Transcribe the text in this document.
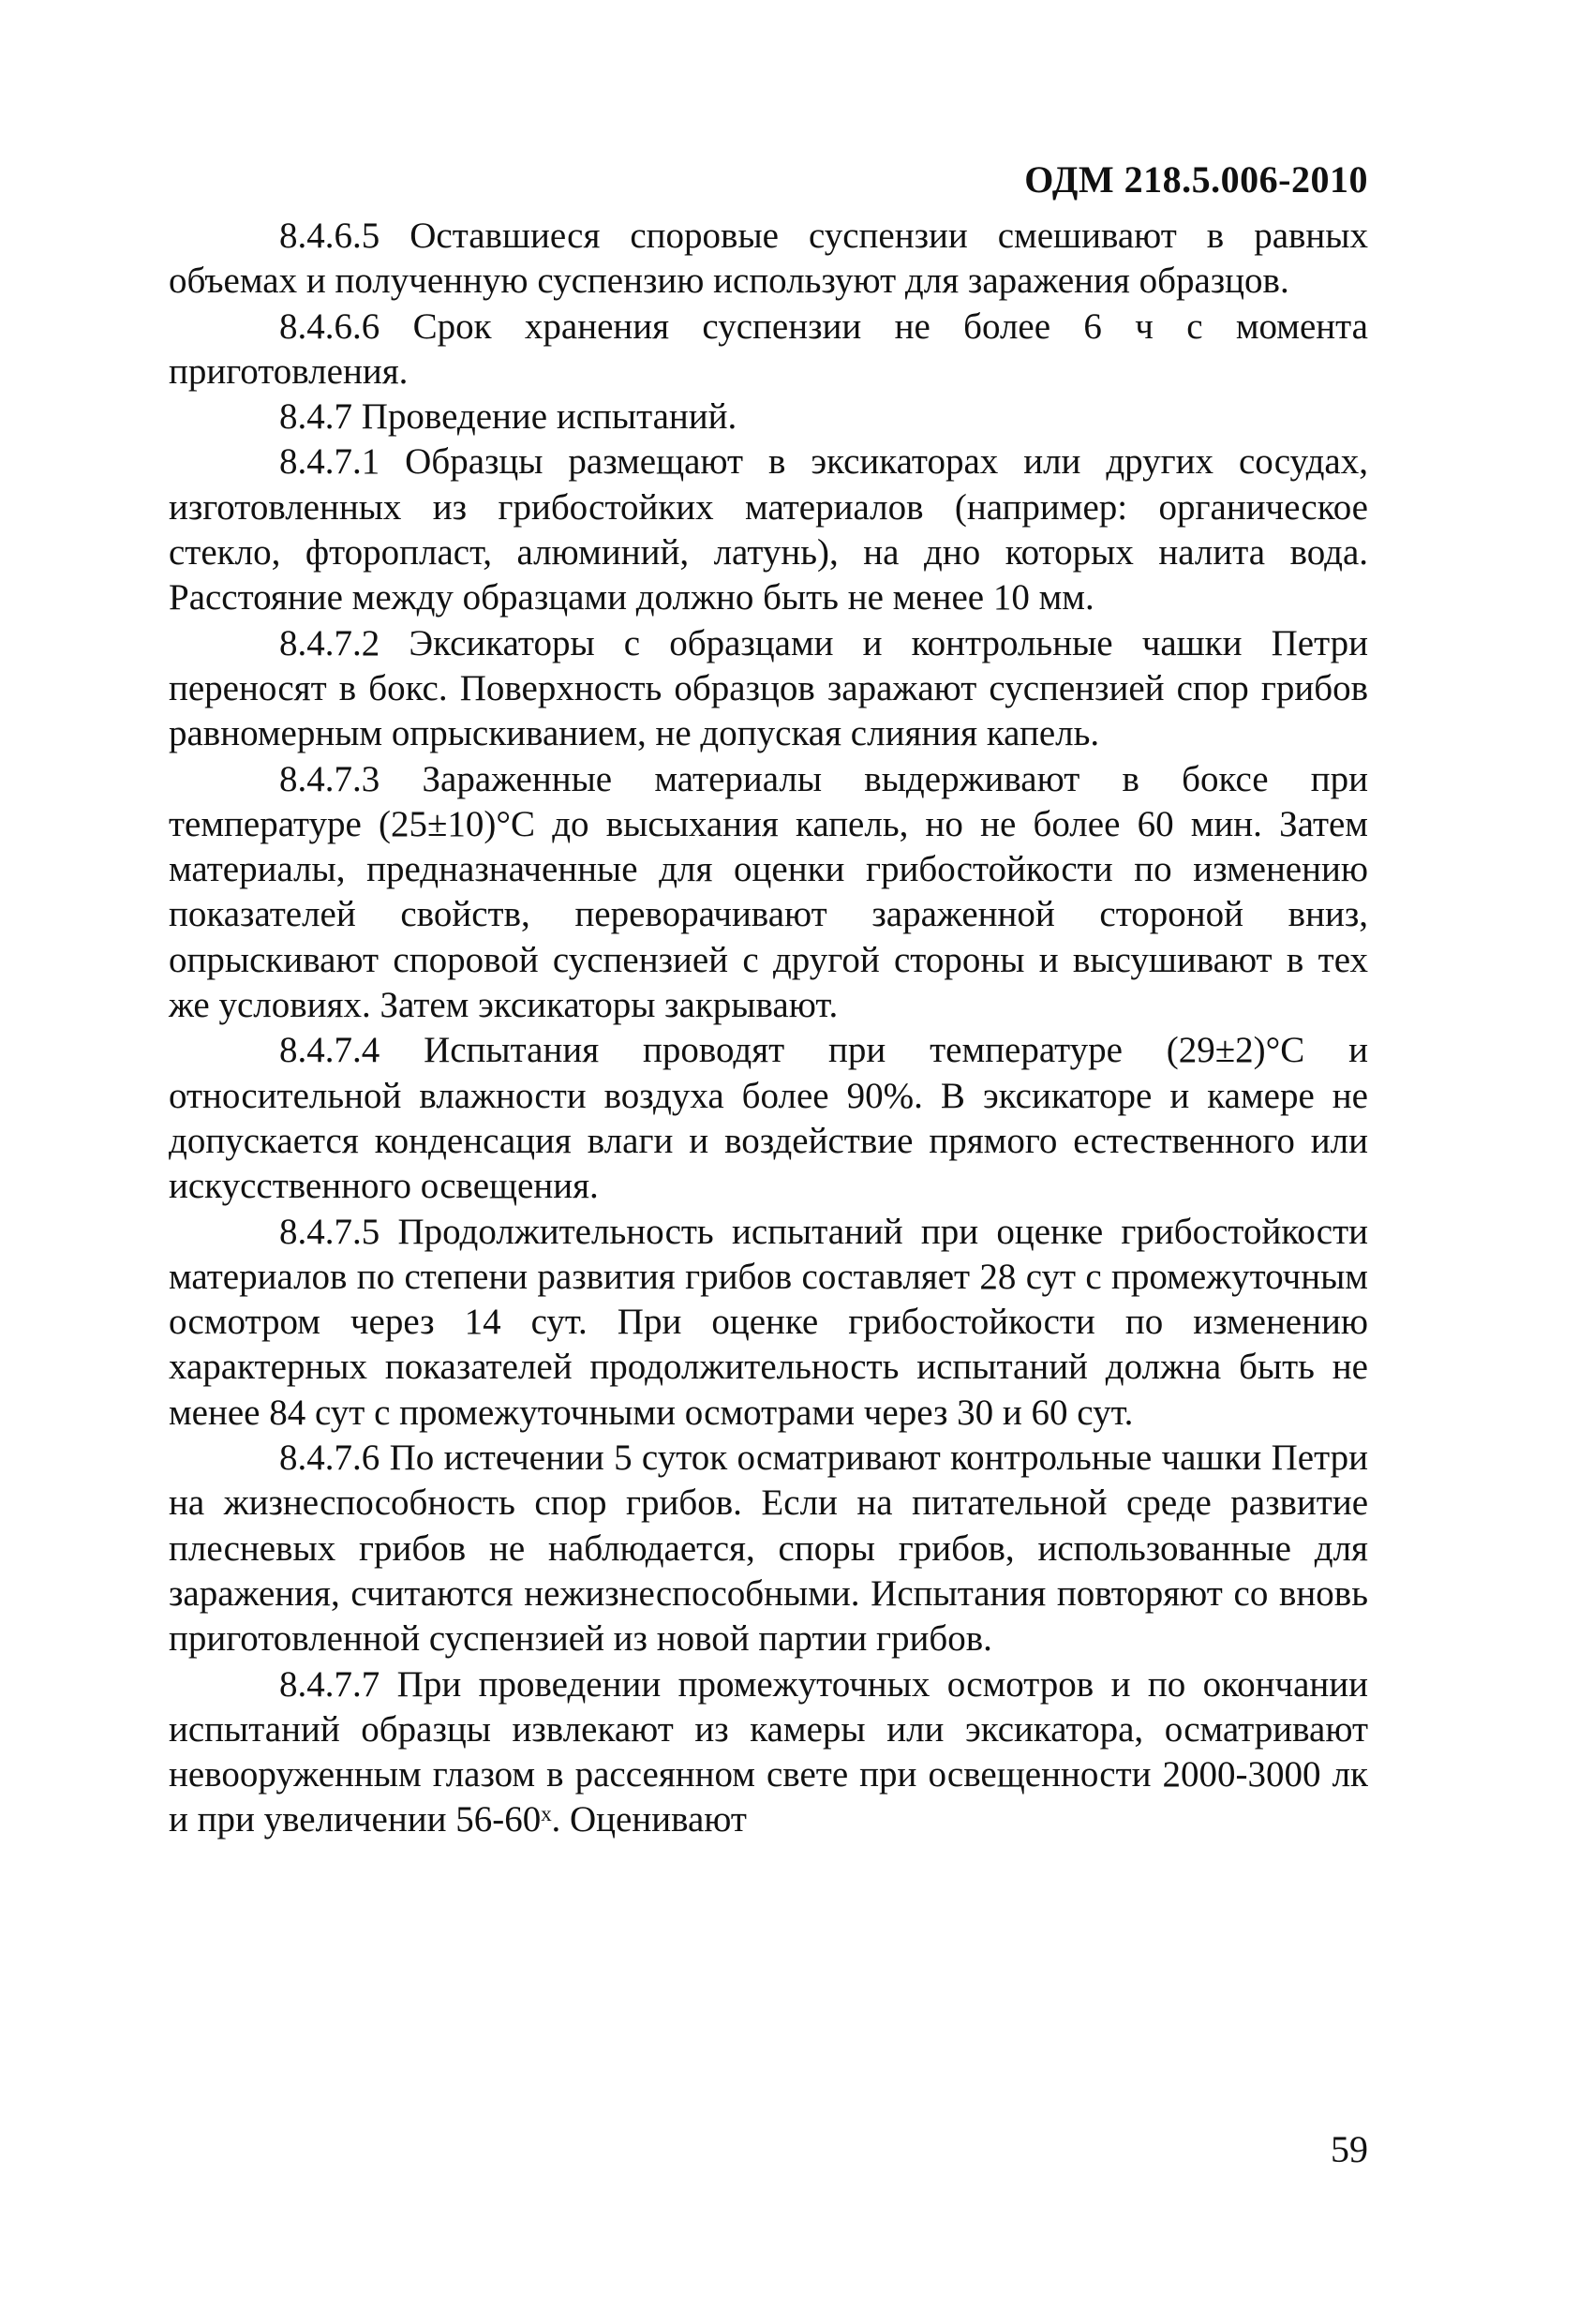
ОДМ 218.5.006-2010

8.4.6.5 Оставшиеся споровые суспензии смешивают в равных объемах и полученную суспензию используют для заражения образцов.

8.4.6.6 Срок хранения суспензии не более 6 ч с момента приготовления.

8.4.7 Проведение испытаний.

8.4.7.1 Образцы размещают в эксикаторах или других сосудах, изготовленных из грибостойких материалов (например: органическое стекло, фторопласт, алюминий, латунь), на дно которых налита вода. Расстояние между образцами должно быть не менее 10 мм.

8.4.7.2 Эксикаторы с образцами и контрольные чашки Петри переносят в бокс. Поверхность образцов заражают суспензией спор грибов равномерным опрыскиванием, не допуская слияния капель.

8.4.7.3 Зараженные материалы выдерживают в боксе при температуре (25±10)°С до высыхания капель, но не более 60 мин. Затем материалы, предназначенные для оценки грибостойкости по изменению показателей свойств, переворачивают зараженной стороной вниз, опрыскивают споровой суспензией с другой стороны и высушивают в тех же условиях. Затем эксикаторы закрывают.

8.4.7.4 Испытания проводят при температуре (29±2)°С и относительной влажности воздуха более 90%. В эксикаторе и камере не допускается конденсация влаги и воздействие прямого естественного или искусственного освещения.

8.4.7.5 Продолжительность испытаний при оценке грибостойкости материалов по степени развития грибов составляет 28 сут с промежуточным осмотром через 14 сут. При оценке грибостойкости по изменению характерных показателей продолжительность испытаний должна быть не менее 84 сут с промежуточными осмотрами через 30 и 60 сут.

8.4.7.6 По истечении 5 суток осматривают контрольные чашки Петри на жизнеспособность спор грибов. Если на питательной среде развитие плесневых грибов не наблюдается, споры грибов, использованные для заражения, считаются нежизнеспособными. Испытания повторяют со вновь приготовленной суспензией из новой партии грибов.

8.4.7.7 При проведении промежуточных осмотров и по окончании испытаний образцы извлекают из камеры или эксикатора, осматривают невооруженным глазом в рассеянном свете при освещенности 2000-3000 лк и при увеличении 56-60ˣ. Оценивают

59
